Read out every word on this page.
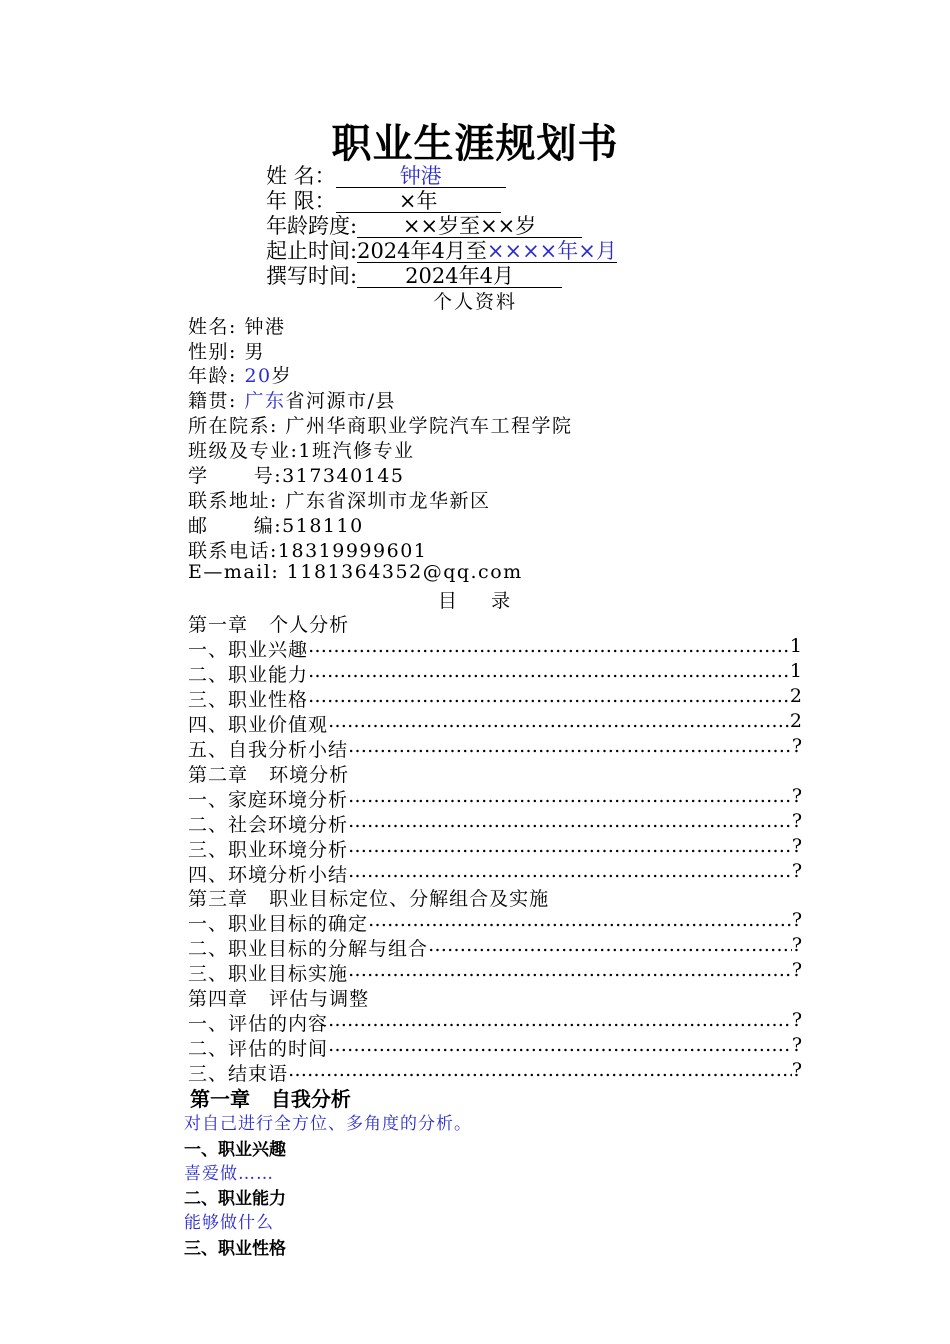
职业生涯规划书
姓 名：	钟港
年 限：	×年
年龄跨度: ××岁至××岁
起止时间:2024年4月至××××年×月
撰写时间: 2024年4月
个人资料
姓名: 钟港
性别: 男
年龄: 20岁
籍贯: 广东省河源市/县
所在院系: 广州华商职业学院汽车工程学院
班级及专业:1班汽修专业
学      号:317340145
联系地址: 广东省深圳市龙华新区
邮      编:518110
联系电话:18319999601
E—mail: 1181364352@qq.com
目    录
第一章   个人分析
一、职业兴趣 …………………………………………………………………………………………………………………………………………………………………………	1
二、职业能力 …………………………………………………………………………………………………………………………………………………………………………	1
三、职业性格 …………………………………………………………………………………………………………………………………………………………………………	2
四、职业价值观 …………………………………………………………………………………………………………………………………………………………………………	2
五、自我分析小结 …………………………………………………………………………………………………………………………………………………………………………	?
第二章   环境分析
一、家庭环境分析 …………………………………………………………………………………………………………………………………………………………………………	?
二、社会环境分析 …………………………………………………………………………………………………………………………………………………………………………	?
三、职业环境分析 …………………………………………………………………………………………………………………………………………………………………………	?
四、环境分析小结 …………………………………………………………………………………………………………………………………………………………………………	?
第三章   职业目标定位、分解组合及实施
一、职业目标的确定 …………………………………………………………………………………………………………………………………………………………………………	?
二、职业目标的分解与组合 …………………………………………………………………………………………………………………………………………………………………………	?
三、职业目标实施 …………………………………………………………………………………………………………………………………………………………………………	?
第四章   评估与调整
一、评估的内容 …………………………………………………………………………………………………………………………………………………………………………	?
二、评估的时间 …………………………………………………………………………………………………………………………………………………………………………	?
三、结束语 …………………………………………………………………………………………………………………………………………………………………………	?
第一章   自我分析
对自己进行全方位、多角度的分析。
一、职业兴趣
喜爱做……
二、职业能力
能够做什么
三、职业性格
